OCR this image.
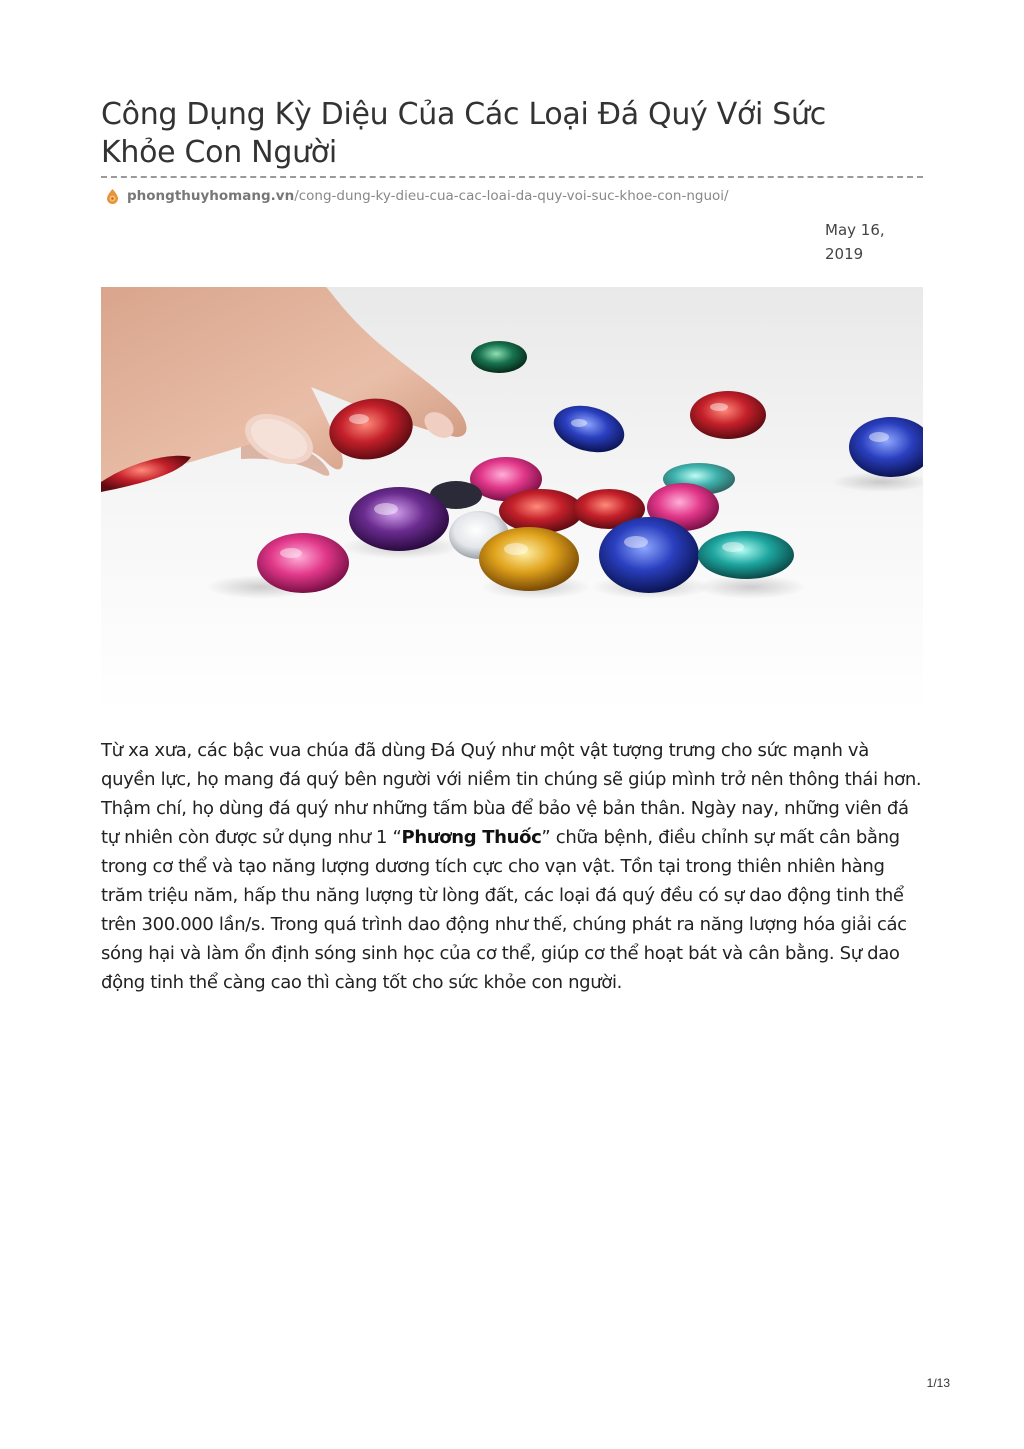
Công Dụng Kỳ Diệu Của Các Loại Đá Quý Với Sức Khỏe Con Người
phongthuyhomang.vn /cong-dung-ky-dieu-cua-cac-loai-da-quy-voi-suc-khoe-con-nguoi/
May 16,
2019

Từ xa xưa, các bậc vua chúa đã dùng Đá Quý như một vật tượng trưng cho sức mạnh và quyền lực, họ mang đá quý bên người với niềm tin chúng sẽ giúp mình trở nên thông thái hơn. Thậm chí, họ dùng đá quý như những tấm bùa để bảo vệ bản thân. Ngày nay, những viên đá tự nhiên còn được sử dụng như 1 “Phương Thuốc” chữa bệnh, điều chỉnh sự mất cân bằng trong cơ thể và tạo năng lượng dương tích cực cho vạn vật. Tồn tại trong thiên nhiên hàng trăm triệu năm, hấp thu năng lượng từ lòng đất, các loại đá quý đều có sự dao động tinh thể trên 300.000 lần/s. Trong quá trình dao động như thế, chúng phát ra năng lượng hóa giải các sóng hại và làm ổn định sóng sinh học của cơ thể, giúp cơ thể hoạt bát và cân bằng. Sự dao động tinh thể càng cao thì càng tốt cho sức khỏe con người.

1/13
